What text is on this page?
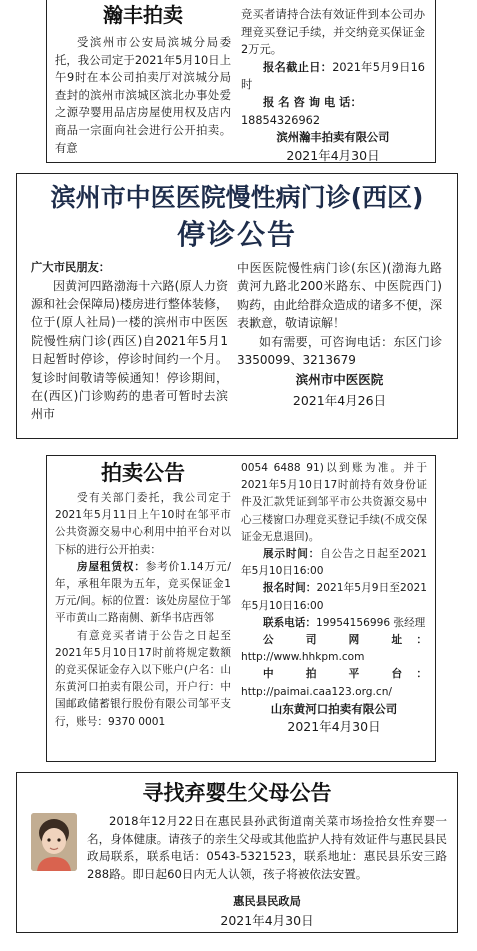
瀚丰拍卖

受滨州市公安局滨城分局委托，我公司定于2021年5月10日上午9时在本公司拍卖厅对滨城分局查封的滨州市滨城区滨北办事处爱之源孕婴用品店房屋使用权及店内商品一宗面向社会进行公开拍卖。有意

竞买者请持合法有效证件到本公司办理竞买登记手续，并交纳竞买保证金2万元。

报名截止日：2021年5月9日16时

报 名 咨 询 电 话：

18854326962

滨州瀚丰拍卖有限公司

2021年4月30日

滨州市中医医院慢性病门诊(西区)
停诊公告

广大市民朋友：

因黄河四路渤海十六路(原人力资源和社会保障局)楼房进行整体装修，位于(原人社局)一楼的滨州市中医医院慢性病门诊(西区)自2021年5月1日起暂时停诊，停诊时间约一个月。复诊时间敬请等候通知！停诊期间，在(西区)门诊购药的患者可暂时去滨州市

中医医院慢性病门诊(东区)(渤海九路黄河九路北200米路东、中医院西门)购药，由此给群众造成的诸多不便，深表歉意，敬请谅解！

如有需要，可咨询电话：东区门诊3350099、3213679

滨州市中医医院

2021年4月26日

拍卖公告

受有关部门委托，我公司定于2021年5月11日上午10时在邹平市公共资源交易中心利用中拍平台对以下标的进行公开拍卖：

房屋租赁权：参考价1.14万元/年，承租年限为五年，竞买保证金1万元/间。标的位置：该处房屋位于邹平市黄山二路南侧、新华书店西邻

有意竞买者请于公告之日起至2021年5月10日17时前将规定数额的竞买保证金存入以下账户(户名：山东黄河口拍卖有限公司，开户行：中国邮政储蓄银行股份有限公司邹平支行，账号：9370 0001

0054 6488 91)以到账为准。并于2021年5月10日17时前持有效身份证件及汇款凭证到邹平市公共资源交易中心三楼窗口办理竞买登记手续(不成交保证金无息退回)。

展示时间：自公告之日起至2021年5月10日16:00

报名时间：2021年5月9日至2021年5月10日16:00

联系电话：19954156996 张经理

公 司 网 址：http://www.hhkpm.com

中 拍 平 台：http://paimai.caa123.org.cn/

山东黄河口拍卖有限公司

2021年4月30日

寻找弃婴生父母公告

2018年12月22日在惠民县孙武街道南关菜市场捡拾女性弃婴一名，身体健康。请孩子的亲生父母或其他监护人持有效证件与惠民县民政局联系，联系电话：0543-5321523，联系地址：惠民县乐安三路288路。即日起60日内无人认领，孩子将被依法安置。

惠民县民政局

2021年4月30日
